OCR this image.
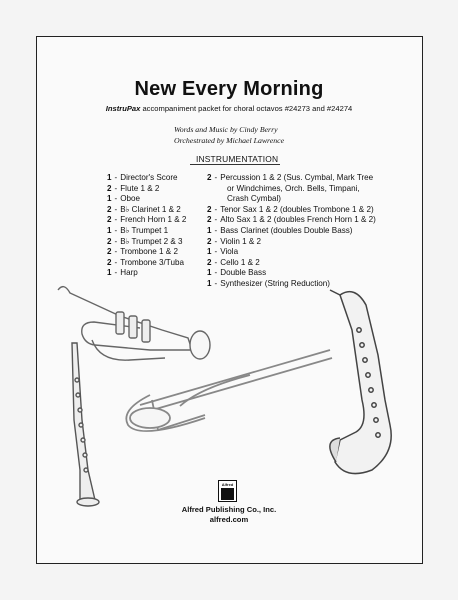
New Every Morning
InstruPax accompaniment packet for choral octavos #24273 and #24274
Words and Music by Cindy Berry
Orchestrated by Michael Lawrence
INSTRUMENTATION
1 - Director's Score
2 - Flute 1 & 2
1 - Oboe
2 - B♭ Clarinet 1 & 2
2 - French Horn 1 & 2
1 - B♭ Trumpet 1
2 - B♭ Trumpet 2 & 3
2 - Trombone 1 & 2
2 - Trombone 3/Tuba
1 - Harp
2 - Percussion 1 & 2 (Sus. Cymbal, Mark Tree
or Windchimes, Orch. Bells, Timpani,
Crash Cymbal)
2 - Tenor Sax 1 & 2 (doubles Trombone 1 & 2)
2 - Alto Sax 1 & 2 (doubles French Horn 1 & 2)
1 - Bass Clarinet (doubles Double Bass)
2 - Violin 1 & 2
1 - Viola
2 - Cello 1 & 2
1 - Double Bass
1 - Synthesizer (String Reduction)
Alfred
Alfred Publishing Co., Inc.
alfred.com
